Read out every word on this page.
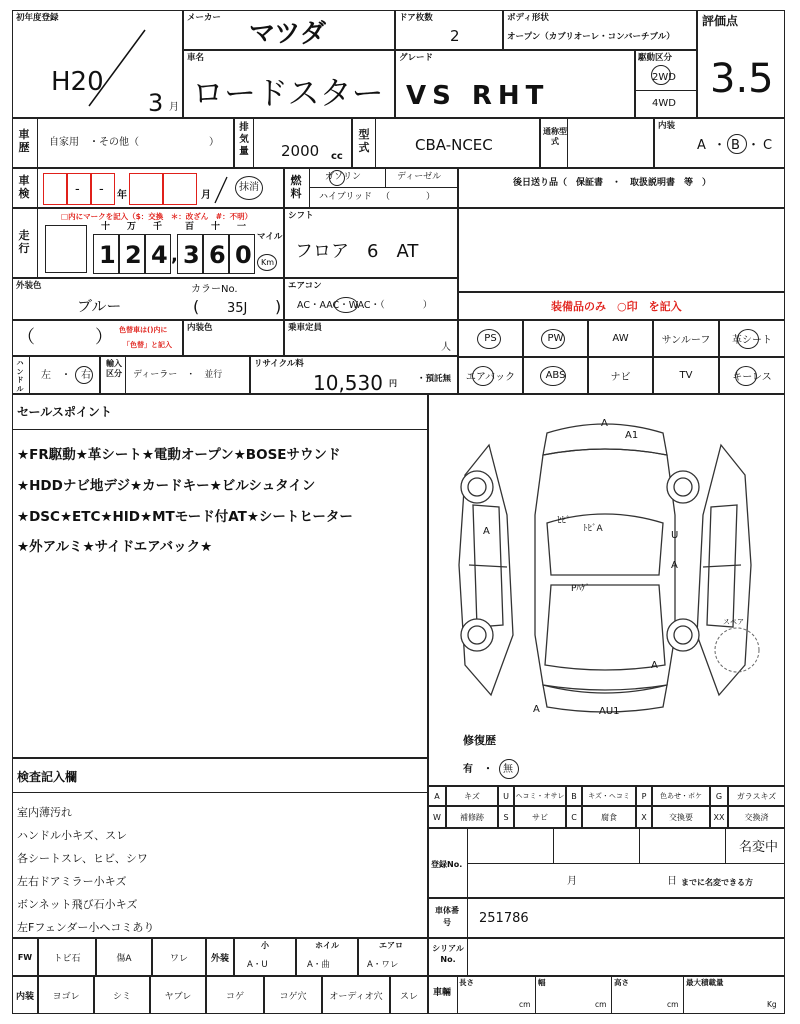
初年度登録
H20
3 月
メーカー
マツダ
車名
ロードスター
ドア枚数
2
ボディ形状
オープン（カブリオーレ・コンバーチブル）
グレード
VS RHT
駆動区分
2WD
4WD
評価点
3.5
車歴 自家用　・その他（　　　　　　　）
排気量 2000 cc
型式	CBA-NCEC
通称型式
内装
A ・ B ・ C
車検	- - 年	月
抹消
燃料
ガソリン	ディーゼル
ハイブリッド （　　　　）
後日送り品（　保証書　・　取扱説明書　等　）
走行
□内にマークを記入（$：交換　＊：改ざん　#：不明）
十 万 千	百 十 一
1 2 4 , 3 6 0
マイル
Km
シフト
フロア　6　AT
外装色
ブルー
カラーNo.
( 35J )
エアコン
AC・AAC・WAC・（　　　　）	装備品のみ　○印　を記入
（	） 色替車は()内に
「色替」と記入
内装色	乗車定員
人
ハンドル
左　・　右
輸入区分	ディーラー　・　並行
リサイクル料
10,530 円 ・預託無
PS	PW	AW	サンルーフ 革シート
エアバック	ABS	ナビ	TV	キーレス
セールスポイント
★FR駆動★革シート★電動オープン★BOSEサウンド
★HDDナビ地デジ★カードキー★ビルシュタイン
★DSC★ETC★HID★MTモード付AT★シートヒーター
★外アルミ★サイドエアバック★
A
A1
A
ﾋﾋﾞ
ﾄﾋﾞA
U
A
Pﾊｹﾞ
A
A	AU1
スペア
修復歴
有　・ 無
検査記入欄
室内薄汚れ
ハンドル小キズ、スレ
各シートスレ、ヒビ、シワ
左右ドアミラー小キズ
ボンネット飛び石小キズ
左Fフェンダー小ヘコミあり
A	キズ	U ヘコミ・オサレ B キズ・ヘコミ P 色あせ・ボケ G ガラスキズ
W 補修跡 S	サビ	C	腐食	X	交換要	XX	交換済
登録No.
名変中
月	日 までに名変できる方
車体番号	251786
FW トビ石	傷A	ワレ	外装
小
A・U
ホイル
A・曲
エアロ
A・ワレ
シリアルNo.
内装 ヨゴレ	シミ	ヤブレ	コゲ	コゲ穴	オーディオ穴 スレ 車輛
長さ
cm
幅
cm
高さ
cm
最大積載量
Kg
